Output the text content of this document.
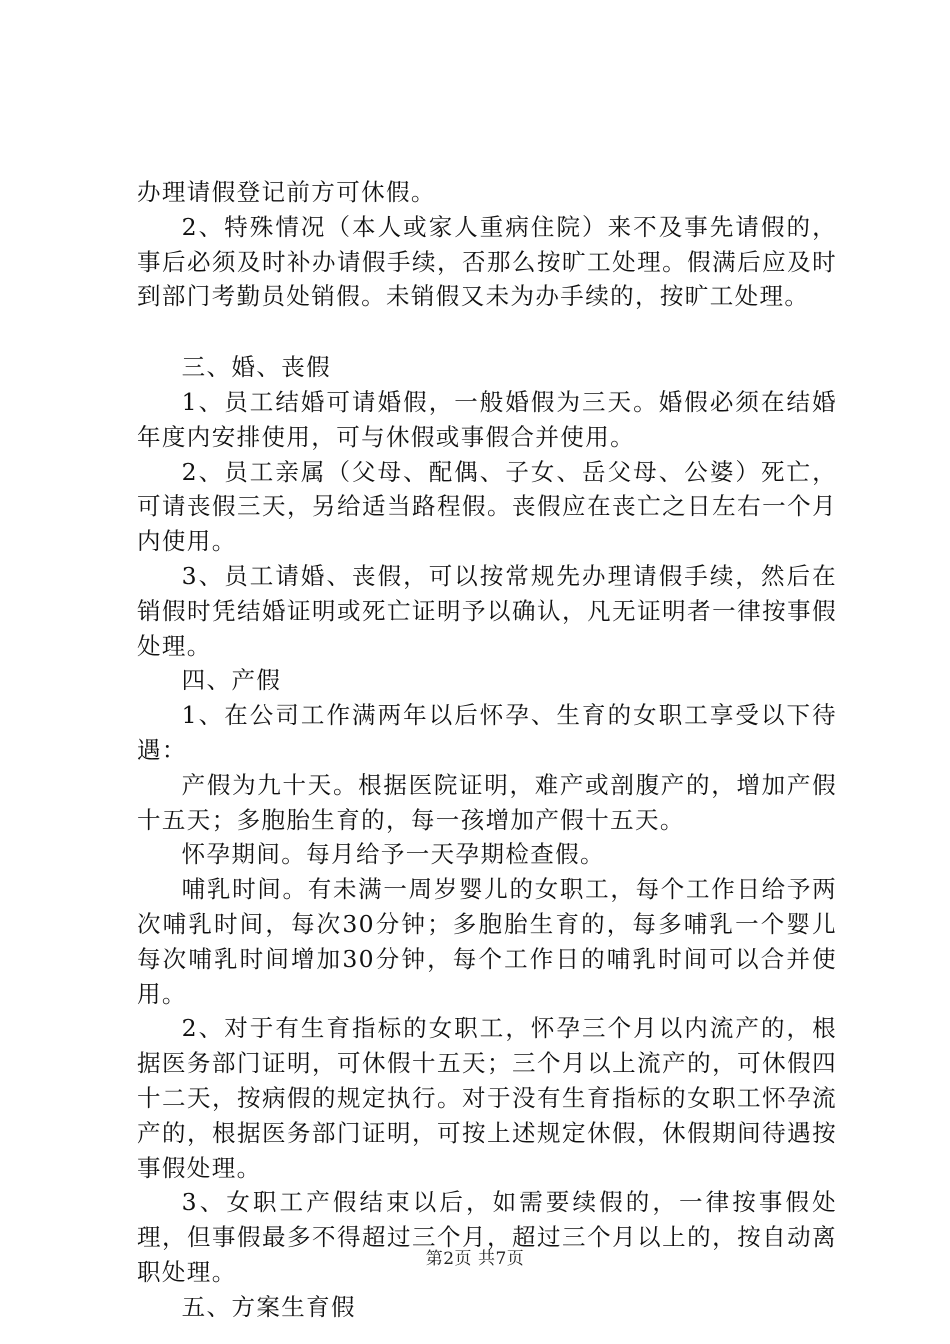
办理请假登记前方可休假。

2、特殊情况（本人或家人重病住院）来不及事先请假的，事后必须及时补办请假手续，否那么按旷工处理。假满后应及时到部门考勤员处销假。未销假又未为办手续的，按旷工处理。

三、婚、丧假

1、员工结婚可请婚假，一般婚假为三天。婚假必须在结婚年度内安排使用，可与休假或事假合并使用。

2、员工亲属（父母、配偶、子女、岳父母、公婆）死亡，可请丧假三天，另给适当路程假。丧假应在丧亡之日左右一个月内使用。

3、员工请婚、丧假，可以按常规先办理请假手续，然后在销假时凭结婚证明或死亡证明予以确认，凡无证明者一律按事假处理。

四、产假

1、在公司工作满两年以后怀孕、生育的女职工享受以下待遇：

产假为九十天。根据医院证明，难产或剖腹产的，增加产假十五天；多胞胎生育的，每一孩增加产假十五天。

怀孕期间。每月给予一天孕期检查假。

哺乳时间。有未满一周岁婴儿的女职工，每个工作日给予两次哺乳时间，每次30分钟；多胞胎生育的，每多哺乳一个婴儿每次哺乳时间增加30分钟，每个工作日的哺乳时间可以合并使用。

2、对于有生育指标的女职工，怀孕三个月以内流产的，根据医务部门证明，可休假十五天；三个月以上流产的，可休假四十二天，按病假的规定执行。对于没有生育指标的女职工怀孕流产的，根据医务部门证明，可按上述规定休假，休假期间待遇按事假处理。

3、女职工产假结束以后，如需要续假的，一律按事假处理，但事假最多不得超过三个月，超过三个月以上的，按自动离职处理。

五、方案生育假

第2页 共7页
